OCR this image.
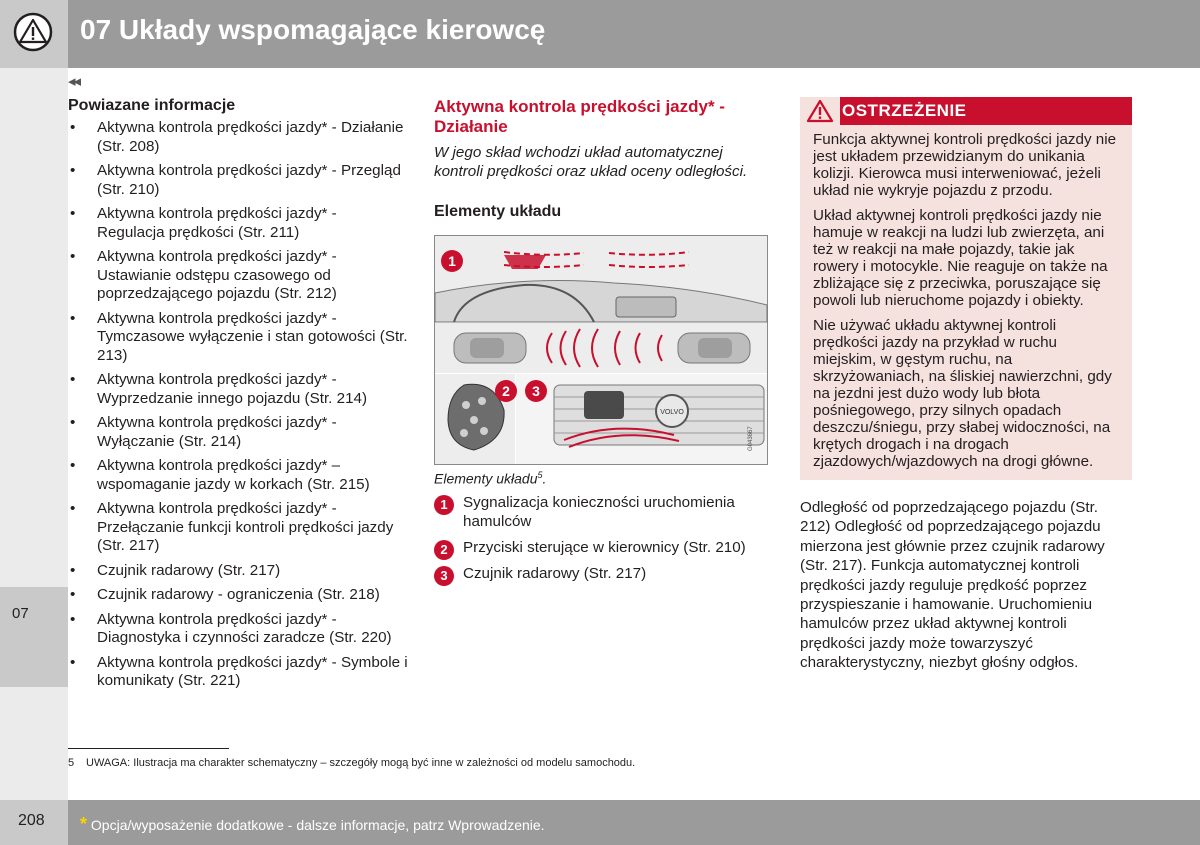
07 Układy wspomagające kierowcę
07
◂◂
Powiazane informacje
• Aktywna kontrola prędkości jazdy* - Działanie (Str. 208)
• Aktywna kontrola prędkości jazdy* - Przegląd (Str. 210)
• Aktywna kontrola prędkości jazdy* - Regulacja prędkości (Str. 211)
• Aktywna kontrola prędkości jazdy* - Ustawianie odstępu czasowego od poprzedzającego pojazdu (Str. 212)
• Aktywna kontrola prędkości jazdy* - Tymczasowe wyłączenie i stan gotowości (Str. 213)
• Aktywna kontrola prędkości jazdy* - Wyprzedzanie innego pojazdu (Str. 214)
• Aktywna kontrola prędkości jazdy* - Wyłączanie (Str. 214)
• Aktywna kontrola prędkości jazdy* – wspomaganie jazdy w korkach (Str. 215)
• Aktywna kontrola prędkości jazdy* - Przełączanie funkcji kontroli prędkości jazdy (Str. 217)
• Czujnik radarowy (Str. 217)
• Czujnik radarowy - ograniczenia (Str. 218)
• Aktywna kontrola prędkości jazdy* - Diagnostyka i czynności zaradcze (Str. 220)
• Aktywna kontrola prędkości jazdy* - Symbole i komunikaty (Str. 221)
Aktywna kontrola prędkości jazdy* - Działanie

W jego skład wchodzi układ automatycznej kontroli prędkości oraz układ oceny odległości.

Elementy układu
VOLVO
G043667
1
2 3
Elementy układu$^5$.
1	Sygnalizacja konieczności uruchomienia hamulców
2	Przyciski sterujące w kierownicy (Str. 210)
3	Czujnik radarowy (Str. 217)
OSTRZEŻENIE

Funkcja aktywnej kontroli prędkości jazdy nie jest układem przewidzianym do unikania kolizji. Kierowca musi interweniować, jeżeli układ nie wykryje pojazdu z przodu.

Układ aktywnej kontroli prędkości jazdy nie hamuje w reakcji na ludzi lub zwierzęta, ani też w reakcji na małe pojazdy, takie jak rowery i motocykle. Nie reaguje on także na zbliżające się z przeciwka, poruszające się powoli lub nieruchome pojazdy i obiekty.

Nie używać układu aktywnej kontroli prędkości jazdy na przykład w ruchu miejskim, w gęstym ruchu, na skrzyżowaniach, na śliskiej nawierzchni, gdy na jezdni jest dużo wody lub błota pośniegowego, przy silnych opadach deszczu/śniegu, przy słabej widoczności, na krętych drogach i na drogach zjazdowych/wjazdowych na drogi główne.

Odległość od poprzedzającego pojazdu (Str. 212) Odległość od poprzedzającego pojazdu mierzona jest głównie przez czujnik radarowy (Str. 217). Funkcja automatycznej kontroli prędkości jazdy reguluje prędkość poprzez przyspieszanie i hamowanie. Uruchomieniu hamulców przez układ aktywnej kontroli prędkości jazdy może towarzyszyć charakterystyczny, niezbyt głośny odgłos.

5 UWAGA: Ilustracja ma charakter schematyczny – szczegóły mogą być inne w zależności od modelu samochodu.
208 * Opcja/wyposażenie dodatkowe - dalsze informacje, patrz Wprowadzenie.
